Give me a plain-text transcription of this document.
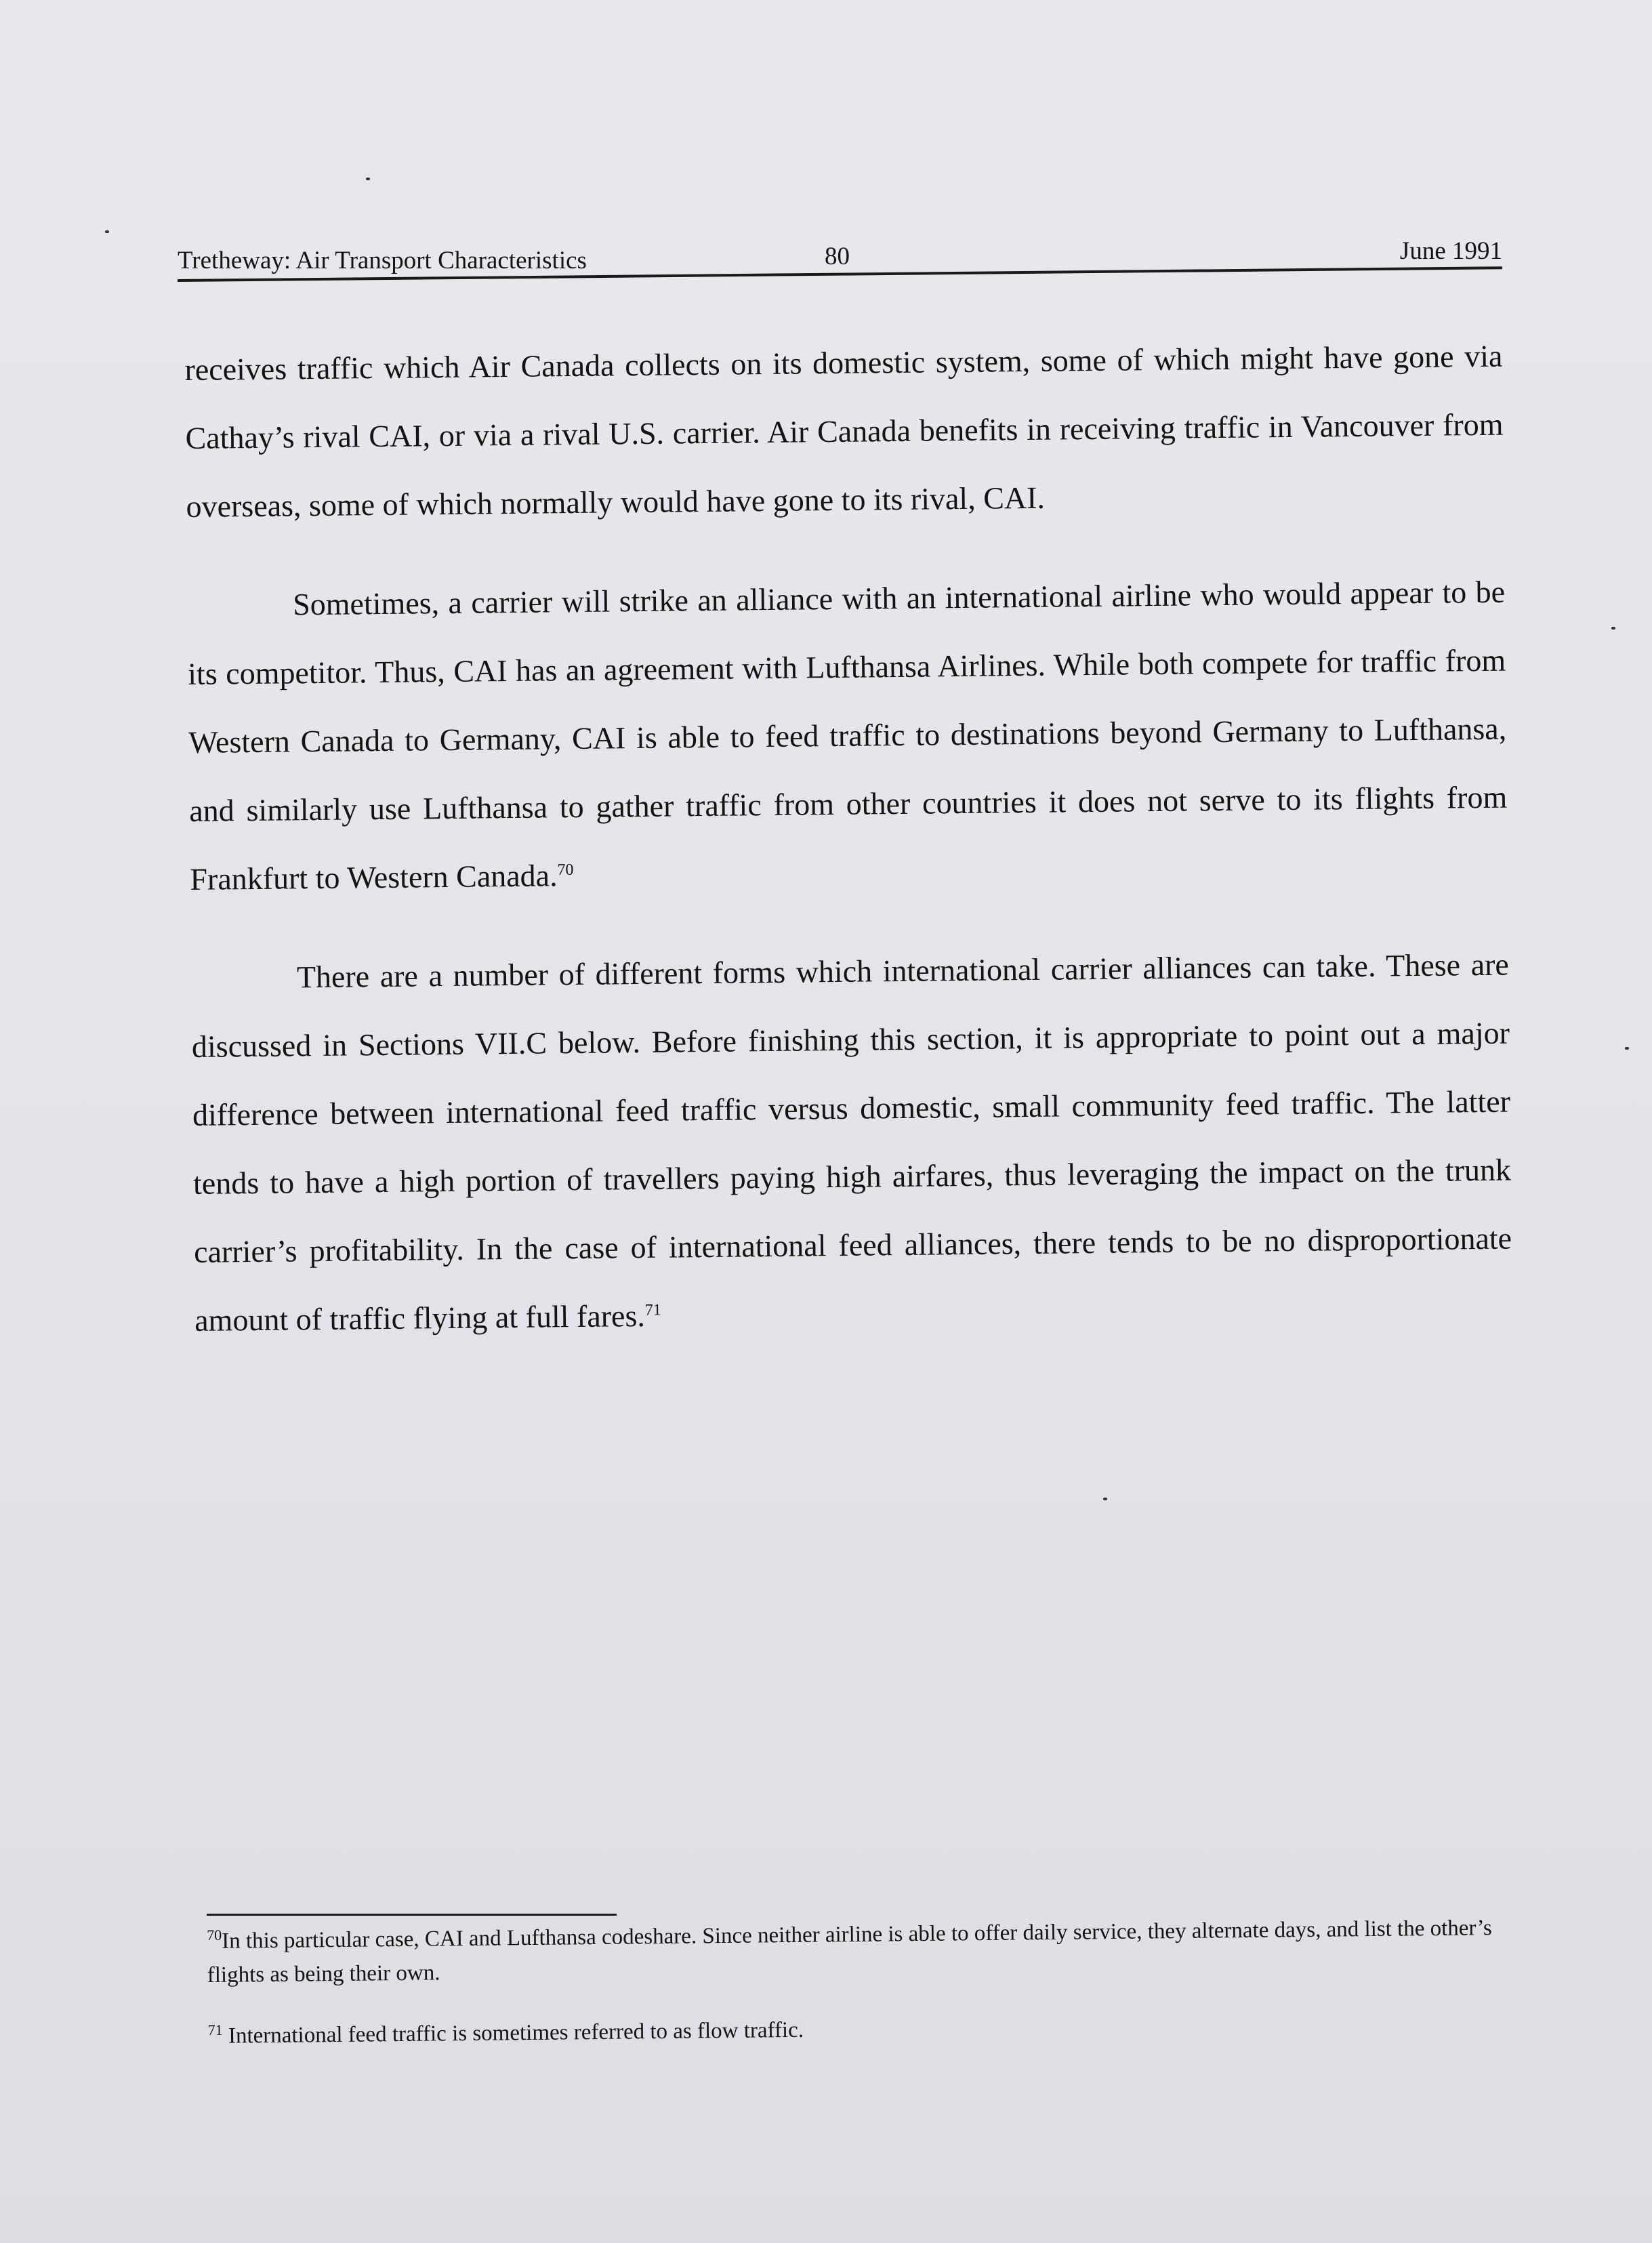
Tretheway: Air Transport Characteristics	80	June 1991

receives traffic which Air Canada collects on its domestic system, some of which might have gone via Cathay’s rival CAI, or via a rival U.S. carrier. Air Canada benefits in receiving traffic in Vancouver from overseas, some of which normally would have gone to its rival, CAI.

Sometimes, a carrier will strike an alliance with an international airline who would appear to be its competitor. Thus, CAI has an agreement with Lufthansa Airlines. While both compete for traffic from Western Canada to Germany, CAI is able to feed traffic to destinations beyond Germany to Lufthansa, and similarly use Lufthansa to gather traffic from other countries it does not serve to its flights from Frankfurt to Western Canada.$^{70}$

There are a number of different forms which international carrier alliances can take. These are discussed in Sections VII.C below. Before finishing this section, it is appropriate to point out a major difference between international feed traffic versus domestic, small community feed traffic. The latter tends to have a high portion of travellers paying high airfares, thus leveraging the impact on the trunk carrier’s profitability. In the case of international feed alliances, there tends to be no disproportionate amount of traffic flying at full fares.$^{71}$

$^{70}$In this particular case, CAI and Lufthansa codeshare. Since neither airline is able to offer daily service, they alternate days, and list the other’s flights as being their own.

$^{71}$ International feed traffic is sometimes referred to as flow traffic.
